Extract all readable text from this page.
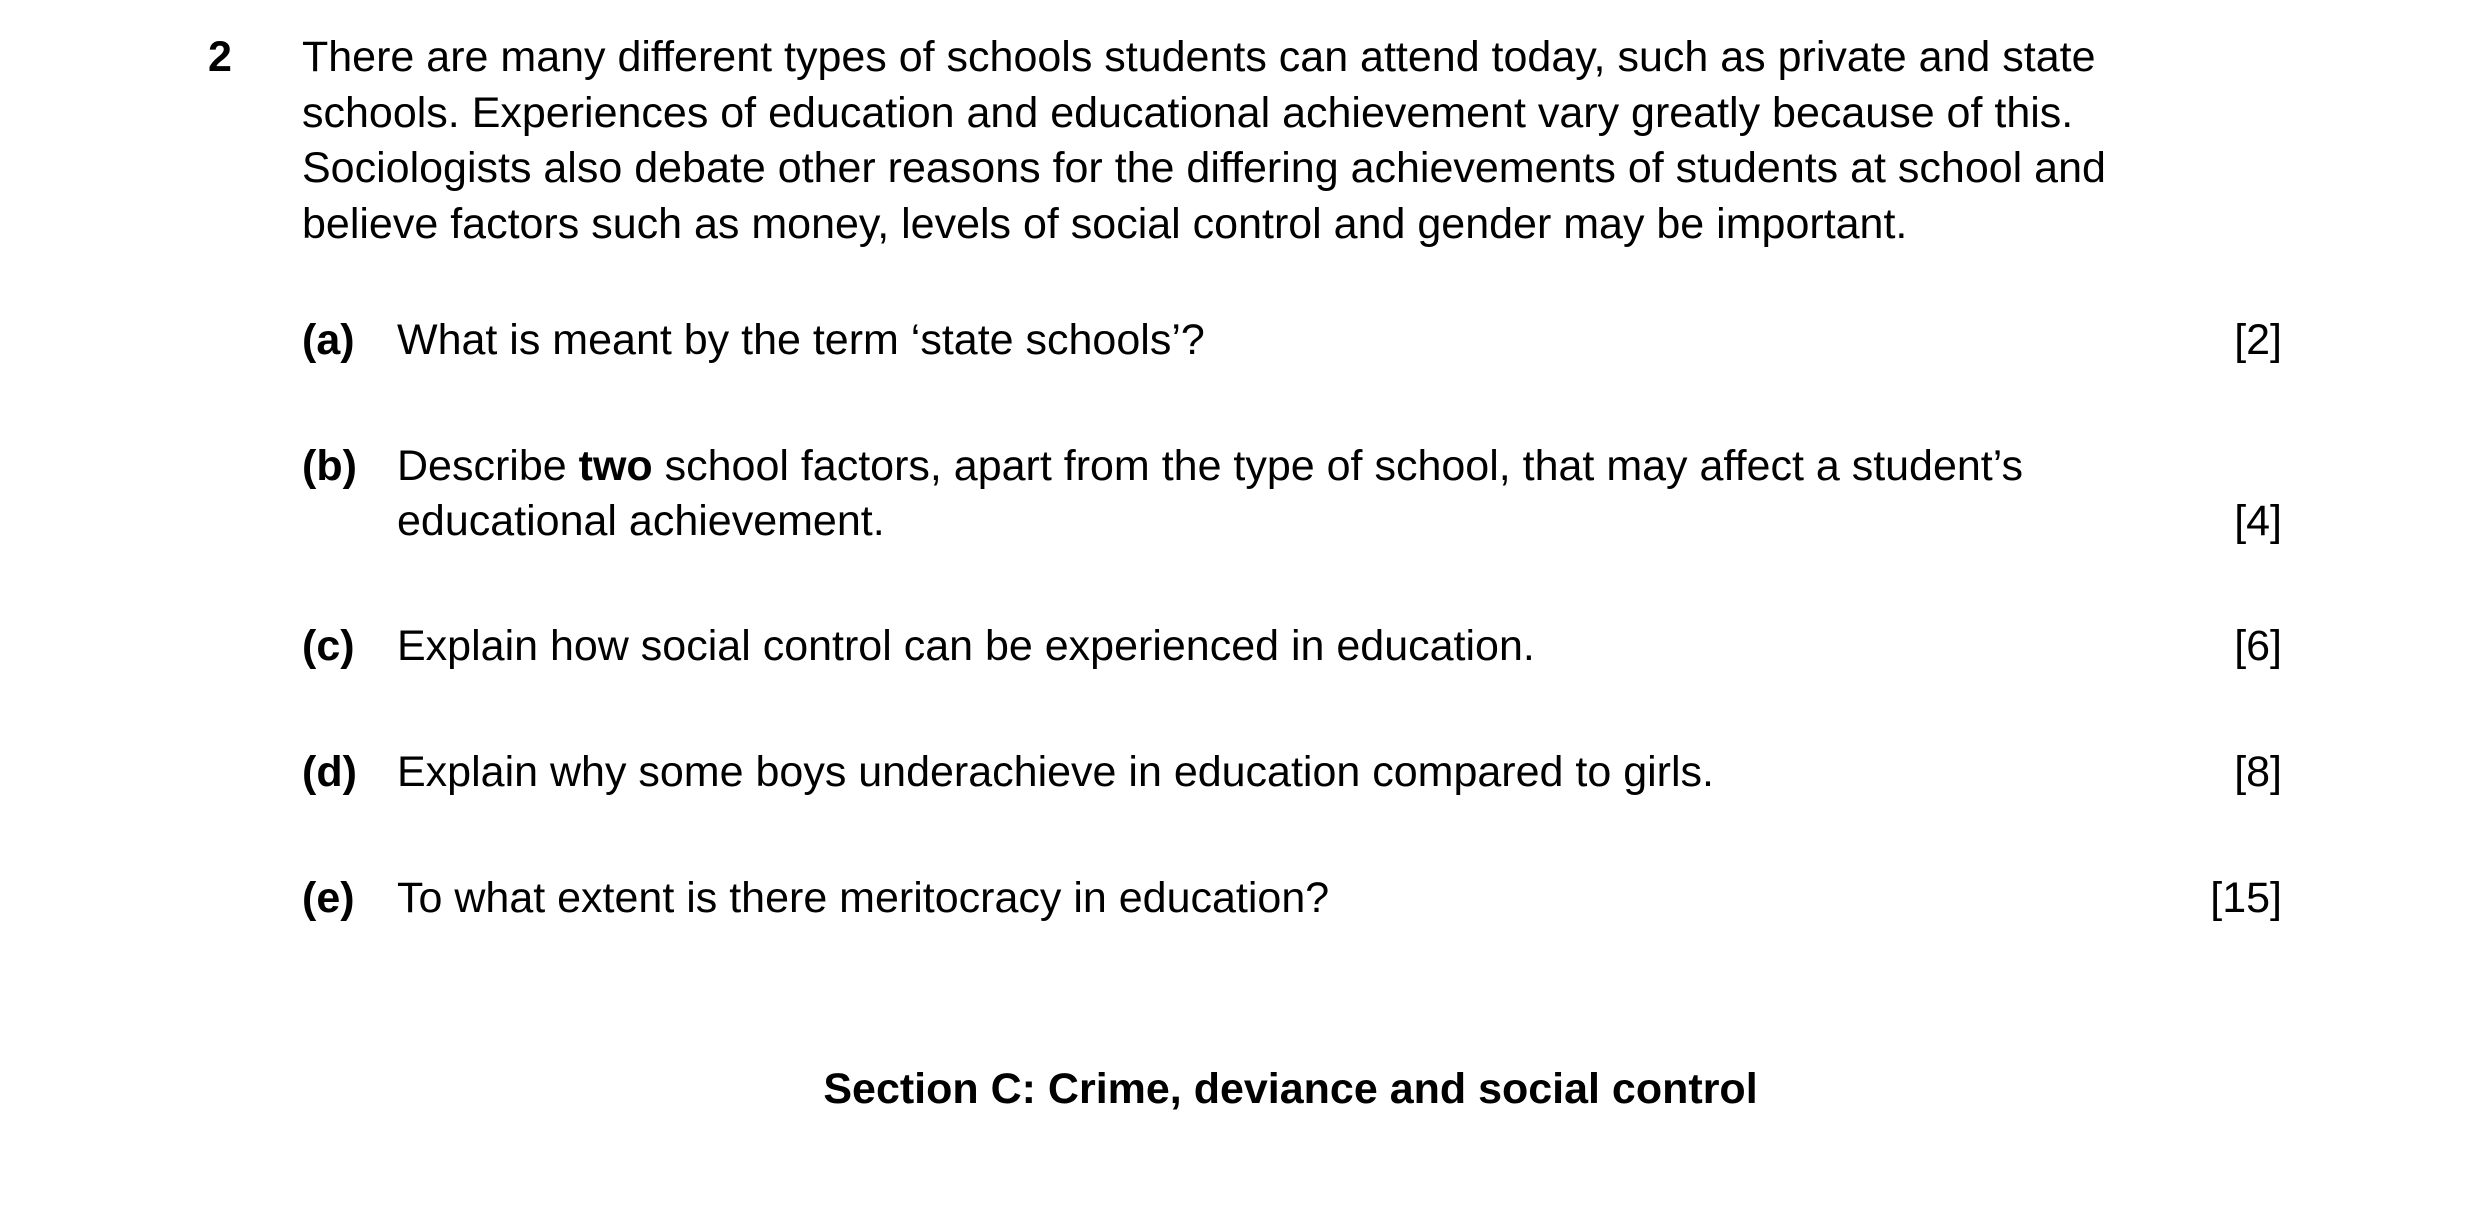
2 There are many different types of schools students can attend today, such as private and state
schools. Experiences of education and educational achievement vary greatly because of this.
Sociologists also debate other reasons for the differing achievements of students at school and
believe factors such as money, levels of social control and gender may be important.
(a) What is meant by the term ‘state schools’?	[2]
(b) Describe two school factors, apart from the type of school, that may affect a student’s
educational achievement.	[4]
(c) Explain how social control can be experienced in education.	[6]
(d) Explain why some boys underachieve in education compared to girls.	[8]
(e) To what extent is there meritocracy in education?	[15]
Section C: Crime, deviance and social control
